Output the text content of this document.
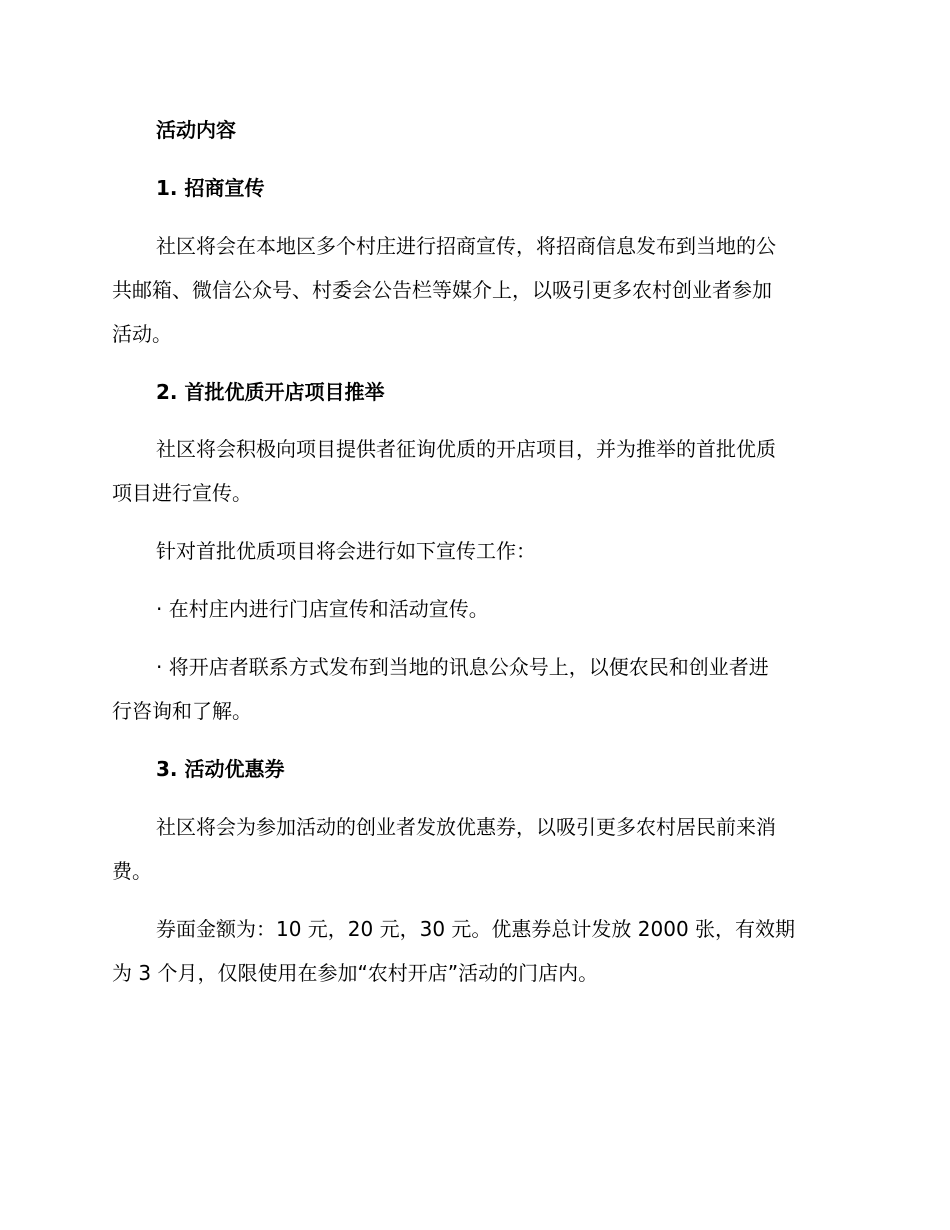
活动内容
1. 招商宣传
社区将会在本地区多个村庄进行招商宣传，将招商信息发布到当地的公
共邮箱、微信公众号、村委会公告栏等媒介上，以吸引更多农村创业者参加
活动。
2. 首批优质开店项目推举
社区将会积极向项目提供者征询优质的开店项目，并为推举的首批优质
项目进行宣传。
针对首批优质项目将会进行如下宣传工作：
· 在村庄内进行门店宣传和活动宣传。
· 将开店者联系方式发布到当地的讯息公众号上，以便农民和创业者进
行咨询和了解。
3. 活动优惠券
社区将会为参加活动的创业者发放优惠券，以吸引更多农村居民前来消
费。
券面金额为：10 元，20 元，30 元。优惠券总计发放 2000 张，有效期
为 3 个月，仅限使用在参加“农村开店”活动的门店内。
